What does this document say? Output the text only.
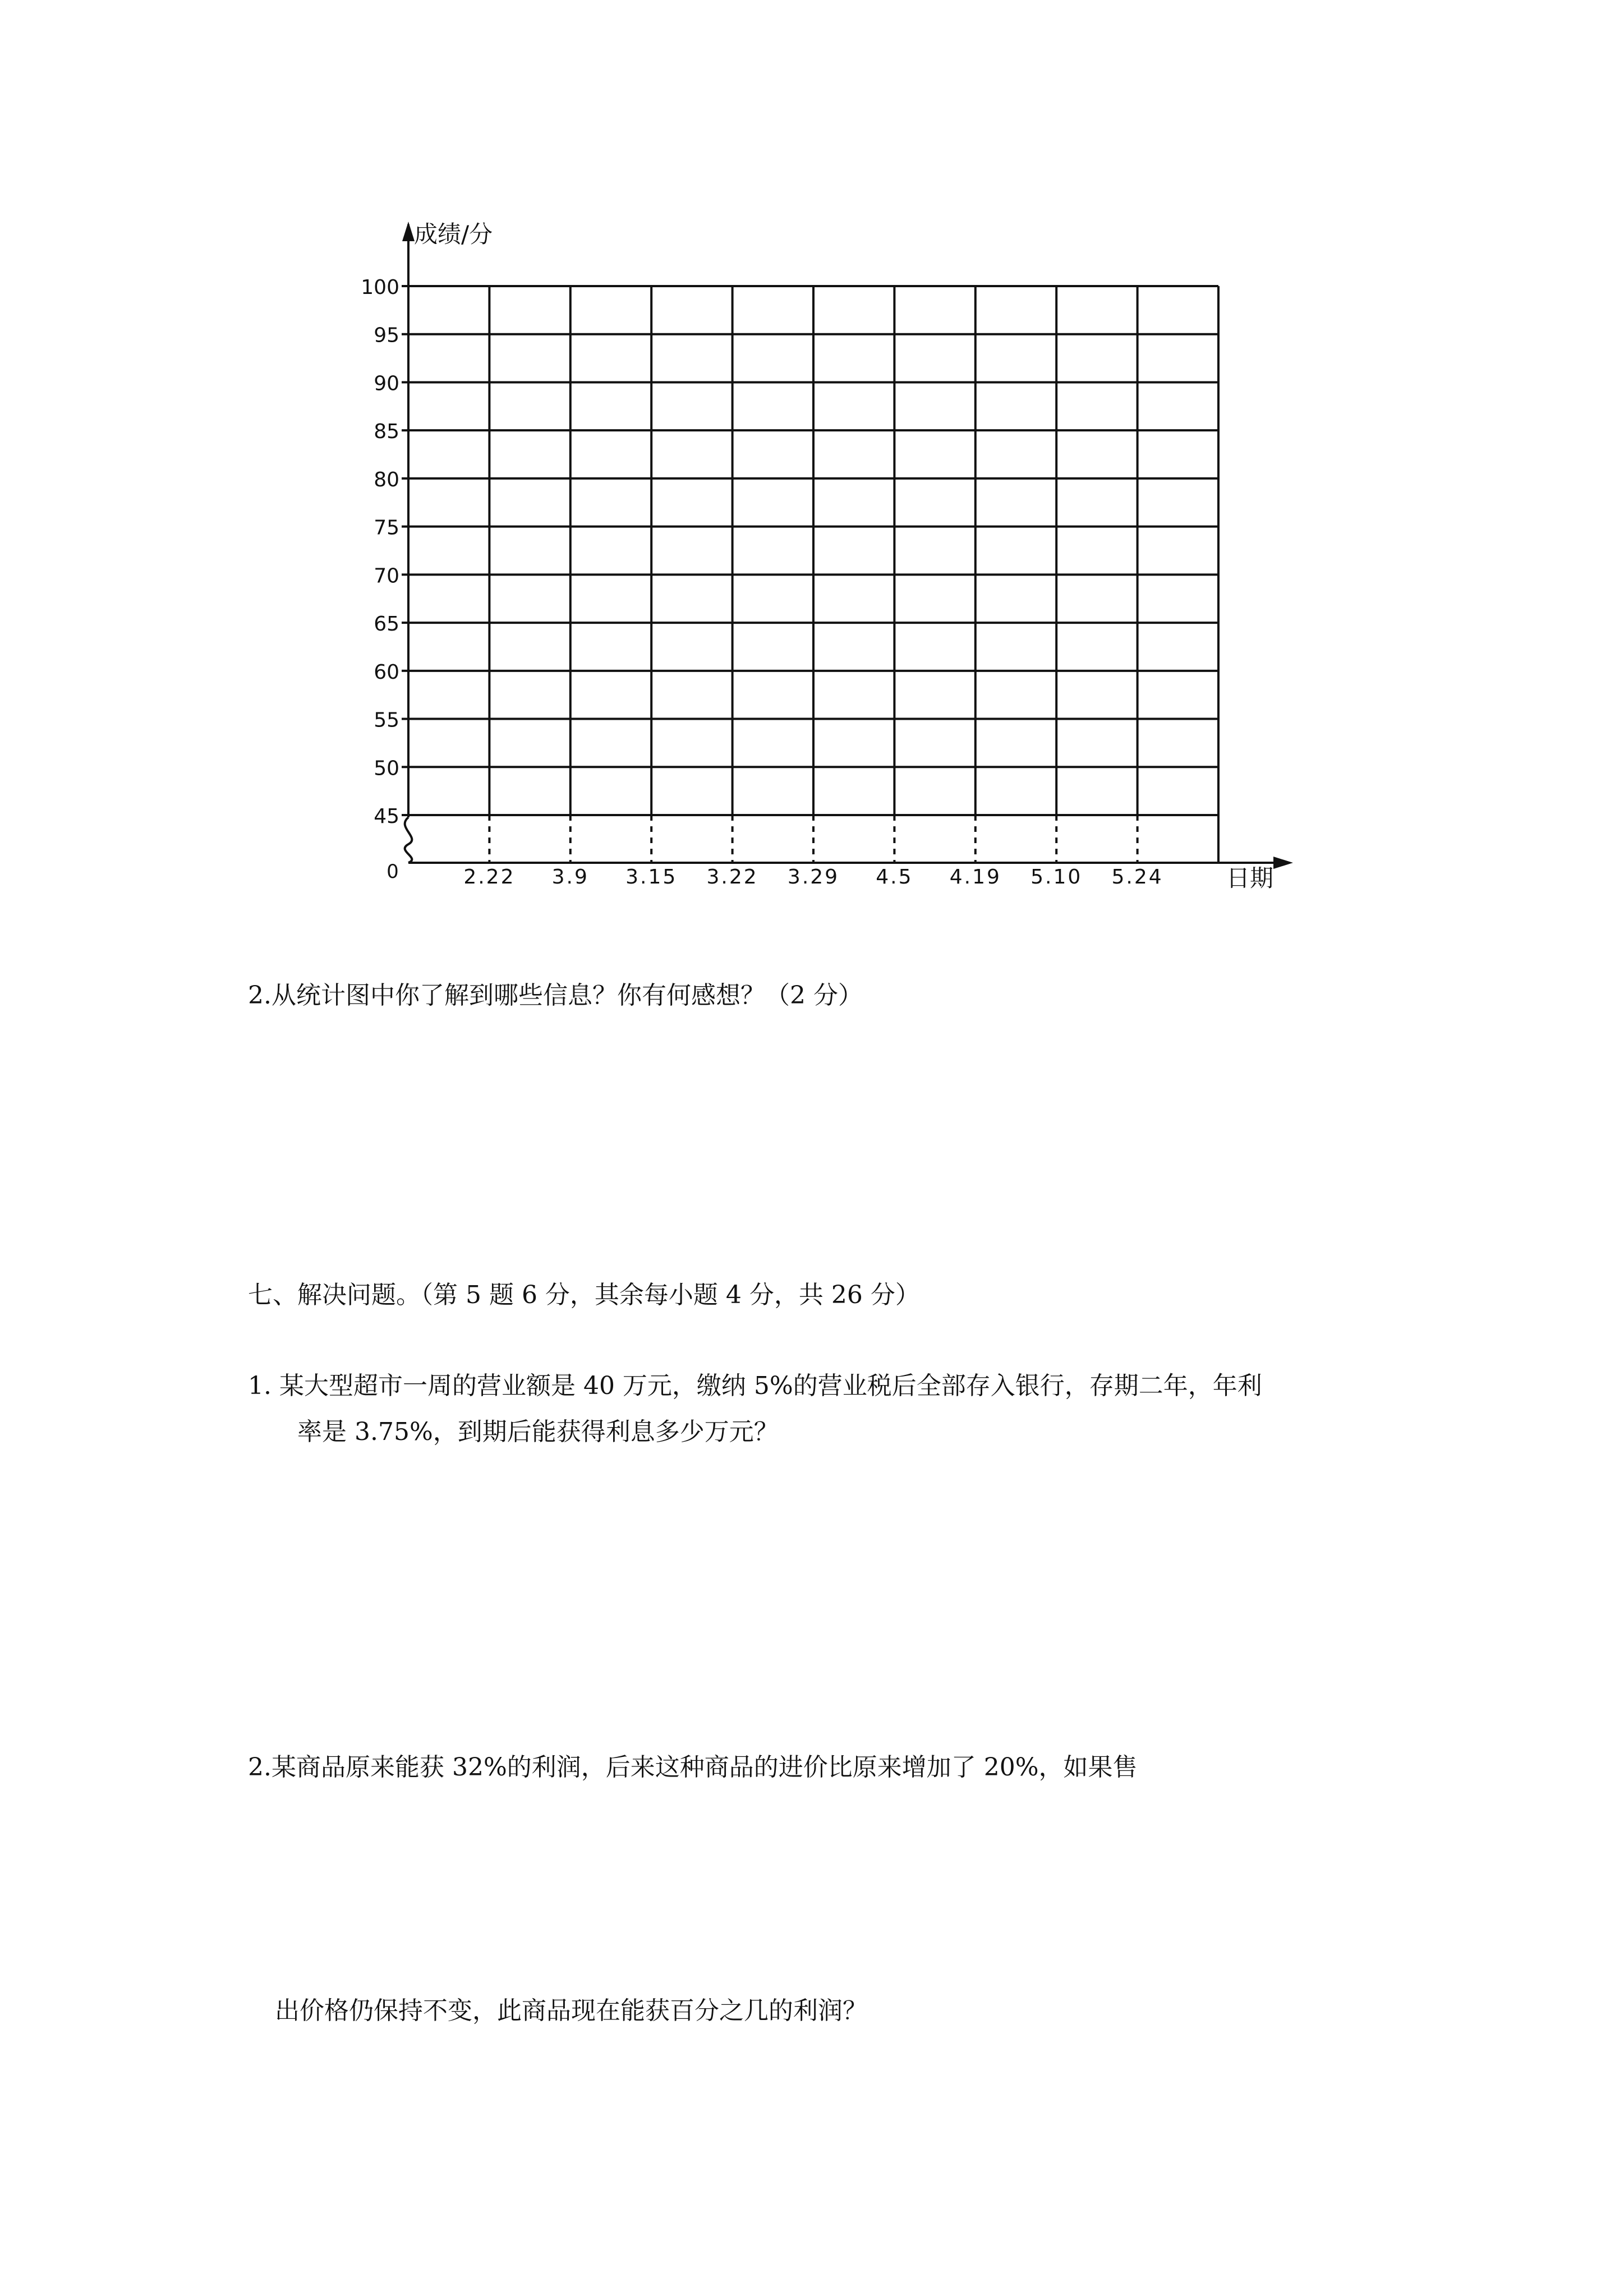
45
50
55
60
65
70
75
80
85
90
95
100
2.22 3.9 3.15 3.22 3.29 4.5 4.19 5.10 5.24
成绩/分
日期
0
2.从统计图中你了解到哪些信息？你有何感想？（2 分）
七、解决问题。（第 5 题 6 分，其余每小题 4 分，共 26 分）
1. 某大型超市一周的营业额是 40 万元，缴纳 5%的营业税后全部存入银行，存期二年，年利
率是 3.75%，到期后能获得利息多少万元？
2.某商品原来能获 32%的利润，后来这种商品的进价比原来增加了 20%，如果售
出价格仍保持不变，此商品现在能获百分之几的利润？
